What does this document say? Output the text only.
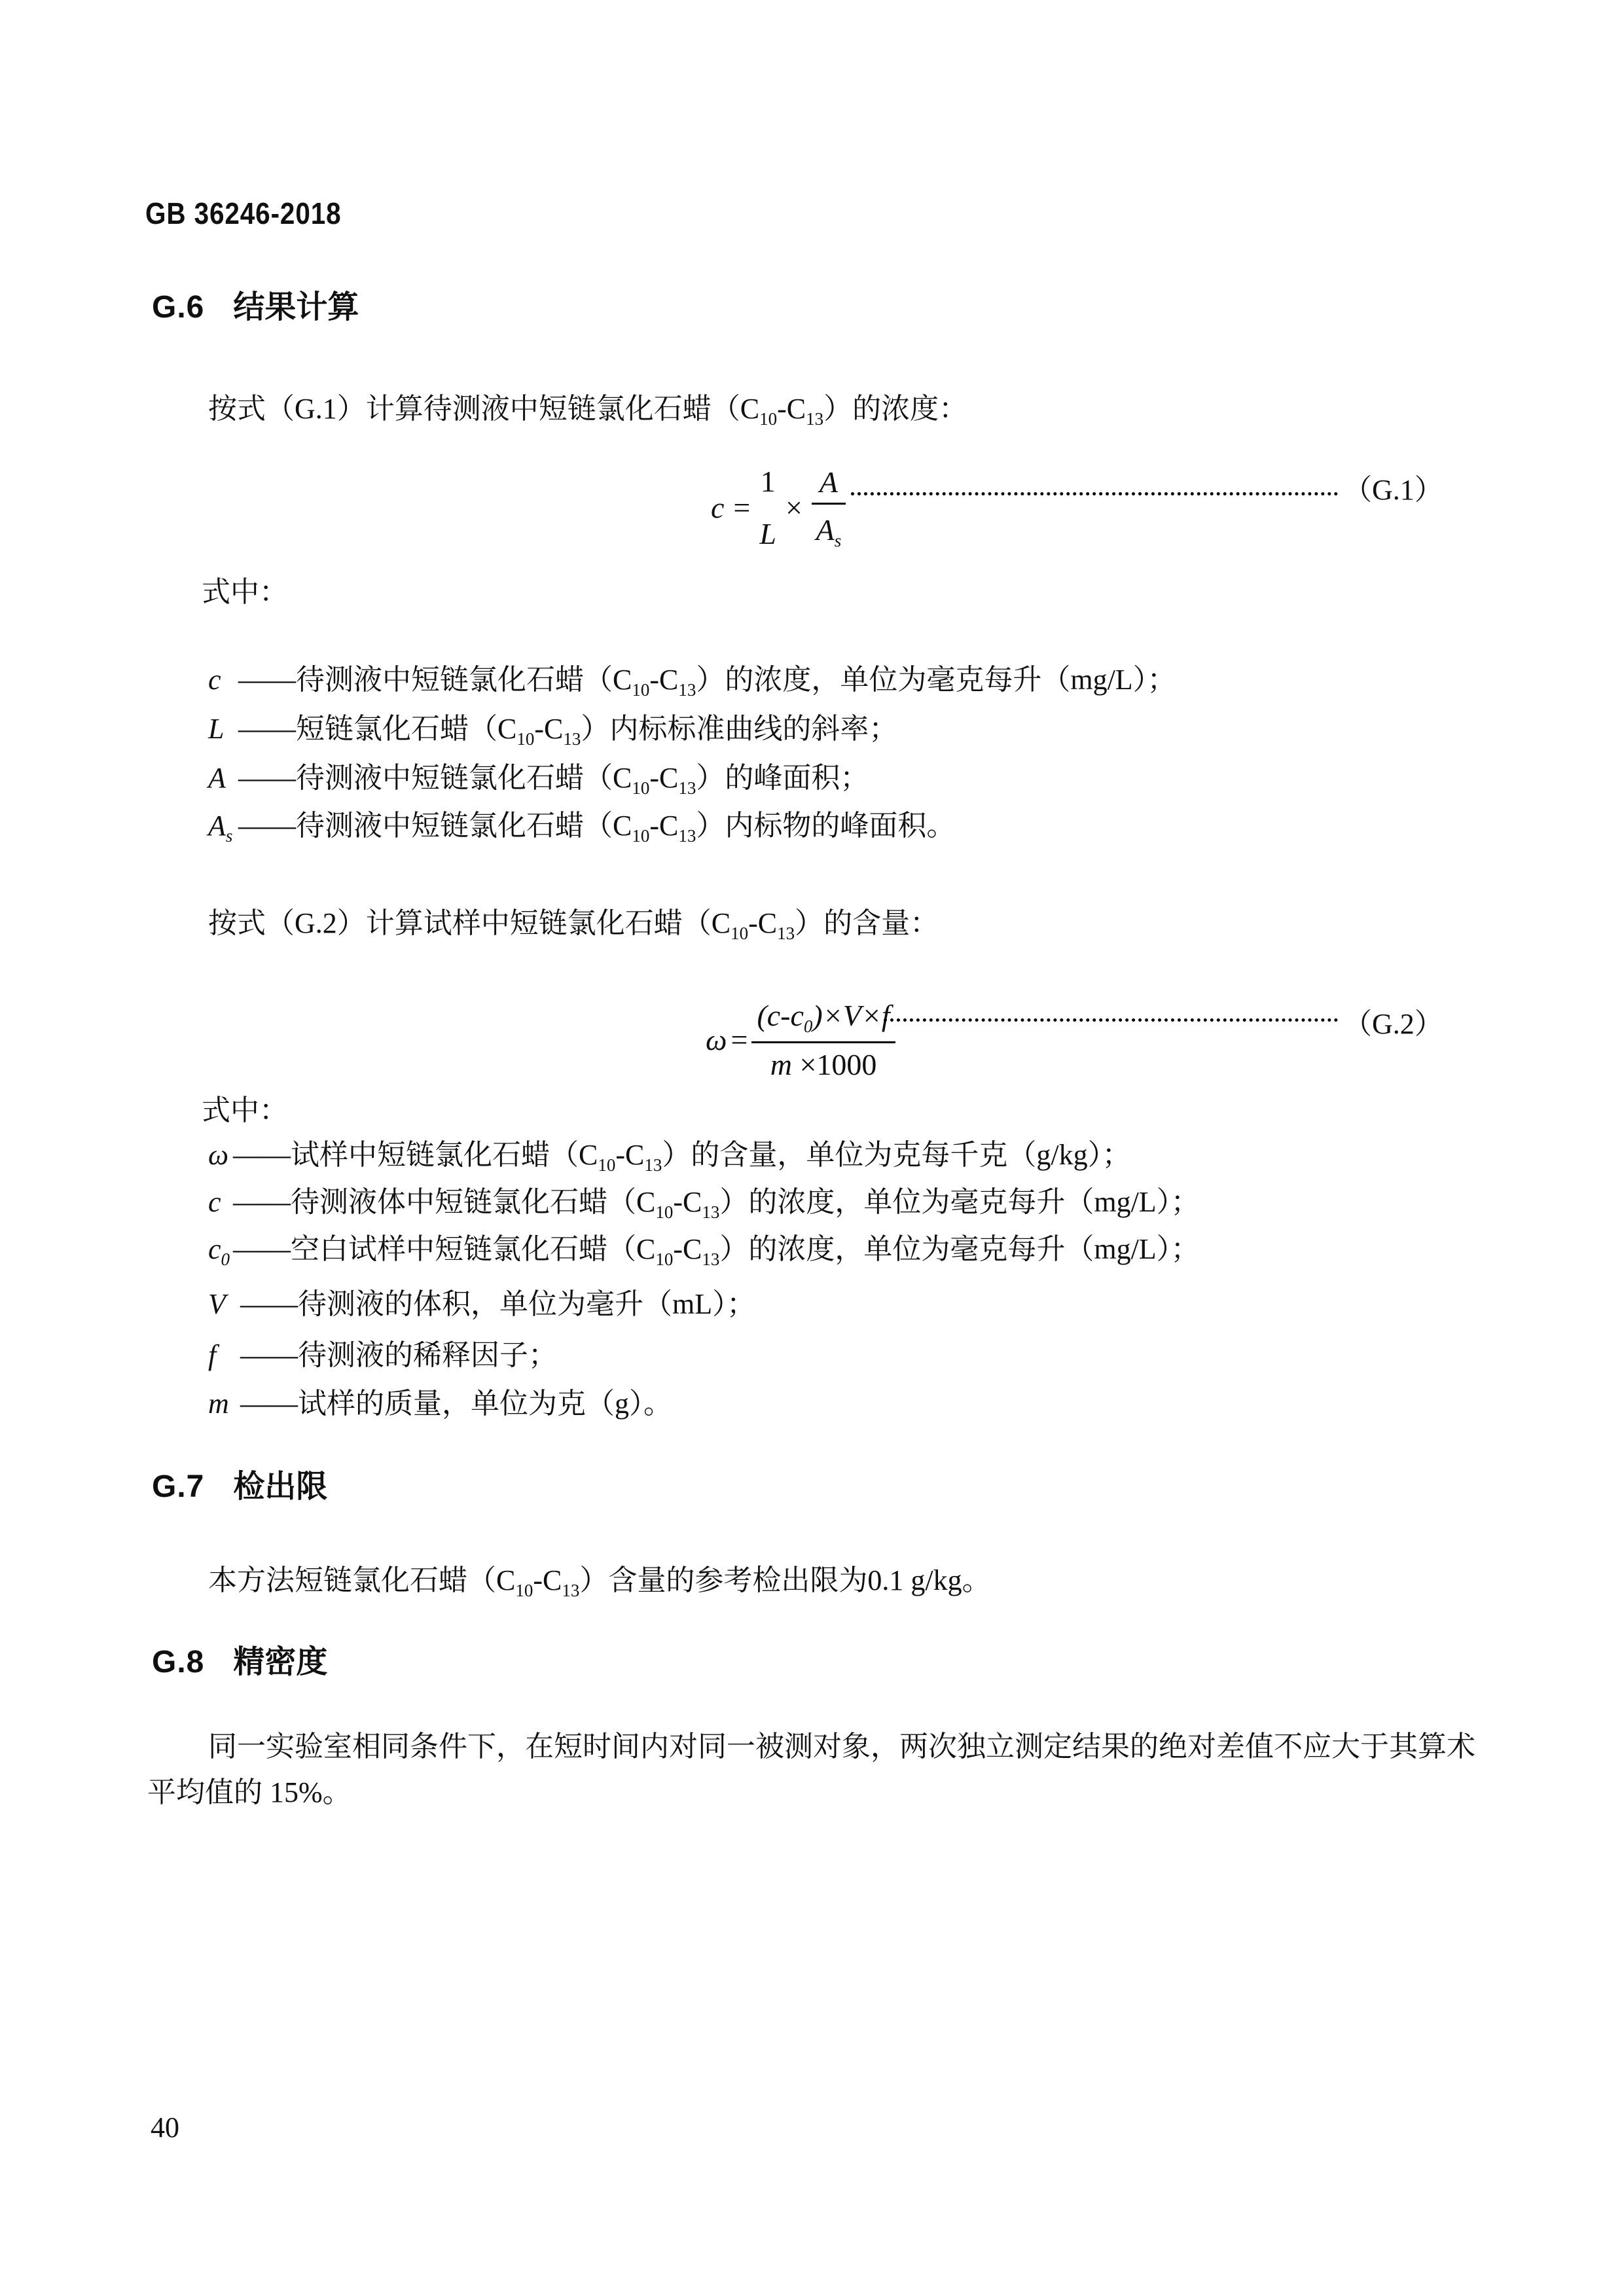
GB 36246-2018
G.6 结果计算
按式（G.1）计算待测液中短链氯化石蜡$(C_{10}-C_{13})$的浓度：
c =
1
L
× $\frac{A}{A_s}$	（G.1）
式中：
c ——待测液中短链氯化石蜡$(C_{10}-C_{13})$的浓度，单位为毫克每升（mg/L）；
L ——短链氯化石蜡$(C_{10}-C_{13})$内标标准曲线的斜率；
A ——待测液中短链氯化石蜡$(C_{10}-C_{13})$的峰面积；
$A_s$ ——待测液中短链氯化石蜡$(C_{10}-C_{13})$内标物的峰面积。
按式（G.2）计算试样中短链氯化石蜡$(C_{10}-C_{13})$的含量：
$\omega = \frac{(c-c_0)\times V\times f}{m \times 1000}$	（G.2）
式中：
ω ——试样中短链氯化石蜡$(C_{10}-C_{13})$的含量，单位为克每千克（g/kg）；
c ——待测液体中短链氯化石蜡$(C_{10}-C_{13})$的浓度，单位为毫克每升（mg/L）；
$c_0$ ——空白试样中短链氯化石蜡$(C_{10}-C_{13})$的浓度，单位为毫克每升（mg/L）；
V ——待测液的体积，单位为毫升（mL）；
f ——待测液的稀释因子；
m ——试样的质量，单位为克（g）。
G.7 检出限
本方法短链氯化石蜡$(C_{10}-C_{13})$含量的参考检出限为0.1 g/kg。
G.8 精密度
同一实验室相同条件下，在短时间内对同一被测对象，两次独立测定结果的绝对差值不应大于其算术
平均值的 15%。
40
